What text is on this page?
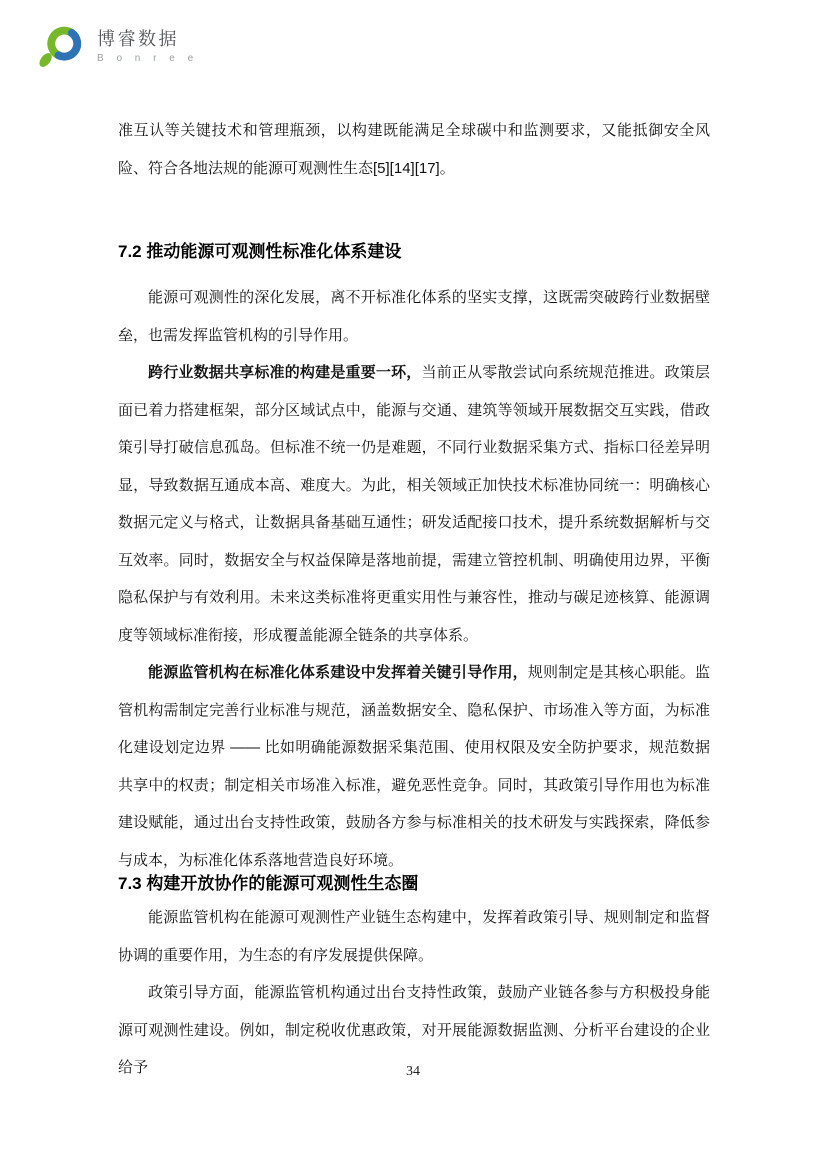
博睿数据
B o n r e e

准互认等关键技术和管理瓶颈，以构建既能满足全球碳中和监测要求，又能抵御安全风险、符合各地法规的能源可观测性生态[5][14][17]。

7.2 推动能源可观测性标准化体系建设

能源可观测性的深化发展，离不开标准化体系的坚实支撑，这既需突破跨行业数据壁垒，也需发挥监管机构的引导作用。

跨行业数据共享标准的构建是重要一环，当前正从零散尝试向系统规范推进。政策层面已着力搭建框架，部分区域试点中，能源与交通、建筑等领域开展数据交互实践，借政策引导打破信息孤岛。但标准不统一仍是难题，不同行业数据采集方式、指标口径差异明显，导致数据互通成本高、难度大。为此，相关领域正加快技术标准协同统一：明确核心数据元定义与格式，让数据具备基础互通性；研发适配接口技术，提升系统数据解析与交互效率。同时，数据安全与权益保障是落地前提，需建立管控机制、明确使用边界，平衡隐私保护与有效利用。未来这类标准将更重实用性与兼容性，推动与碳足迹核算、能源调度等领域标准衔接，形成覆盖能源全链条的共享体系。

能源监管机构在标准化体系建设中发挥着关键引导作用，规则制定是其核心职能。监管机构需制定完善行业标准与规范，涵盖数据安全、隐私保护、市场准入等方面，为标准化建设划定边界 —— 比如明确能源数据采集范围、使用权限及安全防护要求，规范数据共享中的权责；制定相关市场准入标准，避免恶性竞争。同时，其政策引导作用也为标准建设赋能，通过出台支持性政策，鼓励各方参与标准相关的技术研发与实践探索，降低参与成本，为标准化体系落地营造良好环境。

7.3 构建开放协作的能源可观测性生态圈

能源监管机构在能源可观测性产业链生态构建中，发挥着政策引导、规则制定和监督协调的重要作用，为生态的有序发展提供保障。

政策引导方面，能源监管机构通过出台支持性政策，鼓励产业链各参与方积极投身能源可观测性建设。例如，制定税收优惠政策，对开展能源数据监测、分析平台建设的企业给予	34
